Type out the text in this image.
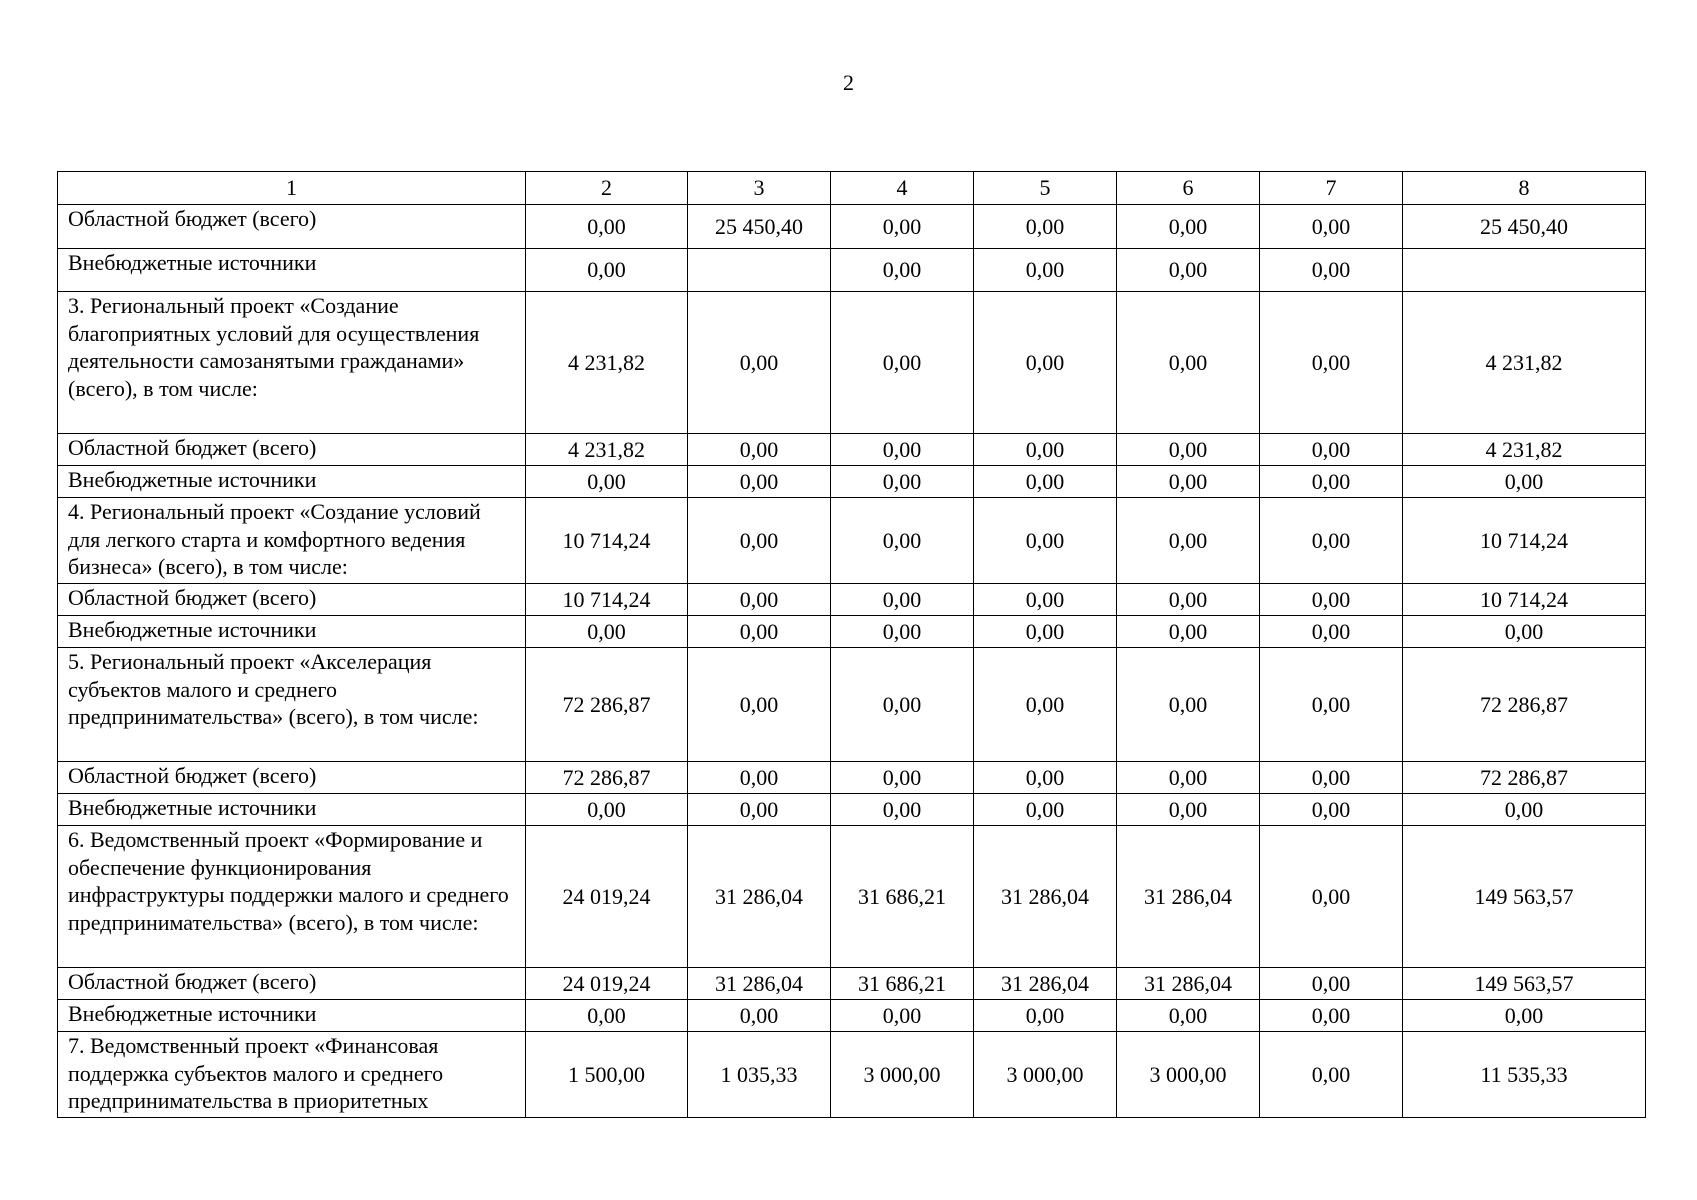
2
1	2	3	4	5	6	7	8
Областной бюджет (всего)	0,00	25 450,40	0,00	0,00	0,00	0,00	25 450,40
Внебюджетные источники	0,00		0,00	0,00	0,00	0,00	
3. Региональный проект «Создание благоприятных условий для осуществления деятельности самозанятыми гражданами» (всего), в том числе:	4 231,82	0,00	0,00	0,00	0,00	0,00	4 231,82
Областной бюджет (всего)	4 231,82	0,00	0,00	0,00	0,00	0,00	4 231,82
Внебюджетные источники	0,00	0,00	0,00	0,00	0,00	0,00	0,00
4. Региональный проект «Создание условий для легкого старта и комфортного ведения бизнеса» (всего), в том числе:	10 714,24	0,00	0,00	0,00	0,00	0,00	10 714,24
Областной бюджет (всего)	10 714,24	0,00	0,00	0,00	0,00	0,00	10 714,24
Внебюджетные источники	0,00	0,00	0,00	0,00	0,00	0,00	0,00
5. Региональный проект «Акселерация субъектов малого и среднего предпринимательства» (всего), в том числе:	72 286,87	0,00	0,00	0,00	0,00	0,00	72 286,87
Областной бюджет (всего)	72 286,87	0,00	0,00	0,00	0,00	0,00	72 286,87
Внебюджетные источники	0,00	0,00	0,00	0,00	0,00	0,00	0,00
6. Ведомственный проект «Формирование и обеспечение функционирования инфраструктуры поддержки малого и среднего предпринимательства» (всего), в том числе:	24 019,24	31 286,04	31 686,21	31 286,04	31 286,04	0,00	149 563,57
Областной бюджет (всего)	24 019,24	31 286,04	31 686,21	31 286,04	31 286,04	0,00	149 563,57
Внебюджетные источники	0,00	0,00	0,00	0,00	0,00	0,00	0,00
7. Ведомственный проект «Финансовая поддержка субъектов малого и среднего предпринимательства в приоритетных	1 500,00	1 035,33	3 000,00	3 000,00	3 000,00	0,00	11 535,33
